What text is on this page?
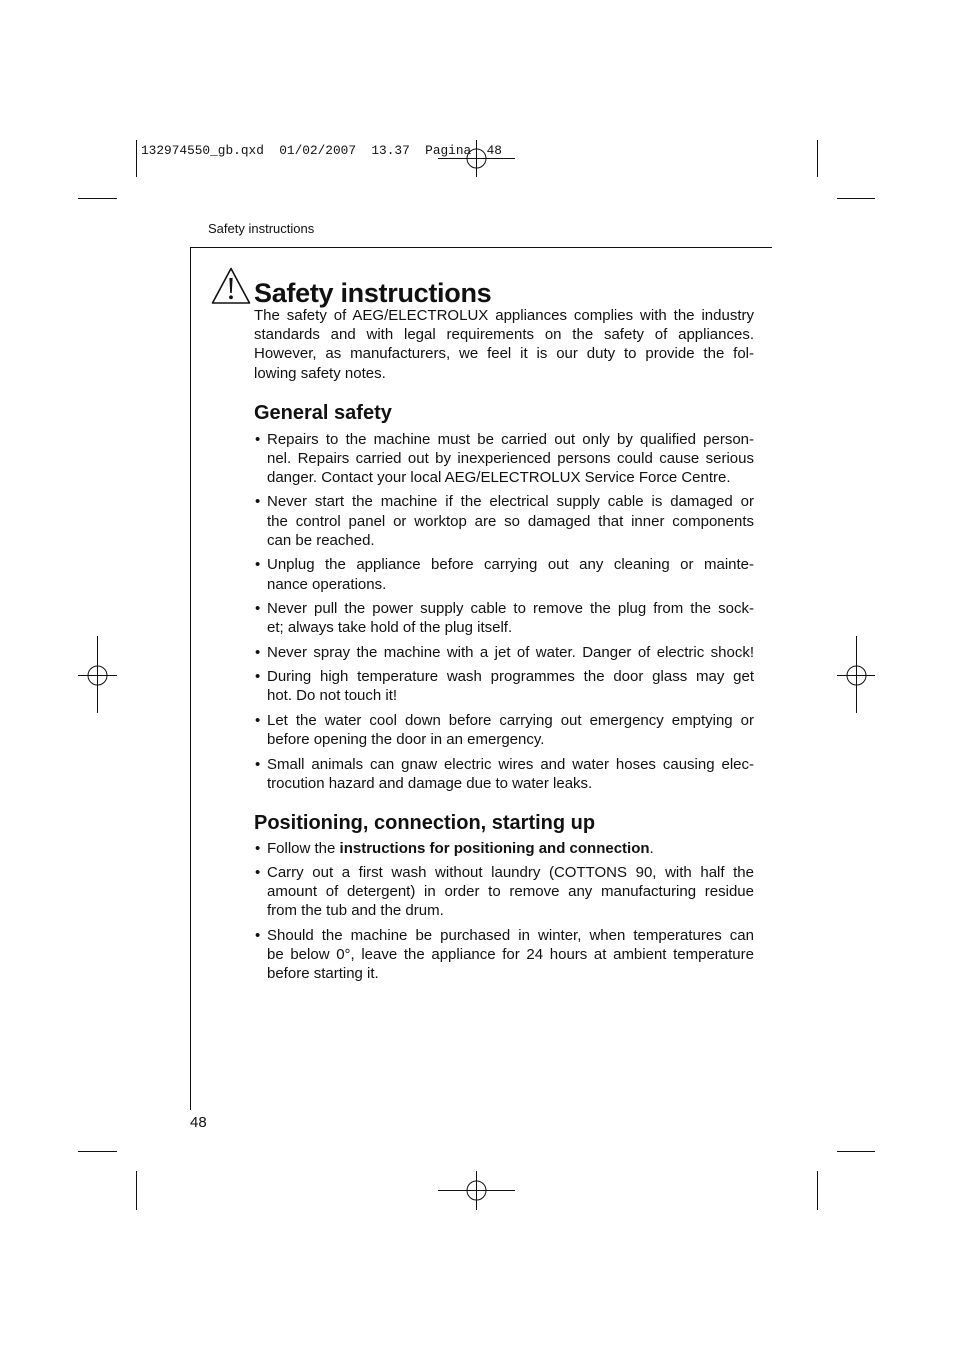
132974550_gb.qxd  01/02/2007  13.37  Pagina  48
Safety instructions
Safety instructions
The safety of AEG/ELECTROLUX appliances complies with the industry
standards and with legal requirements on the safety of appliances.
However, as manufacturers, we feel it is our duty to provide the fol-
lowing safety notes.
General safety
• Repairs to the machine must be carried out only by qualified person-
nel. Repairs carried out by inexperienced persons could cause serious
danger. Contact your local AEG/ELECTROLUX Service Force Centre.
• Never start the machine if the electrical supply cable is damaged or
the control panel or worktop are so damaged that inner components
can be reached.
• Unplug the appliance before carrying out any cleaning or mainte-
nance operations.
• Never pull the power supply cable to remove the plug from the sock-
et; always take hold of the plug itself.
• Never spray the machine with a jet of water. Danger of electric shock!
• During high temperature wash programmes the door glass may get
hot. Do not touch it!
• Let the water cool down before carrying out emergency emptying or
before opening the door in an emergency.
• Small animals can gnaw electric wires and water hoses causing elec-
trocution hazard and damage due to water leaks.
Positioning, connection, starting up
• Follow the instructions for positioning and connection.
• Carry out a first wash without laundry (COTTONS 90, with half the
amount of detergent) in order to remove any manufacturing residue
from the tub and the drum.
• Should the machine be purchased in winter, when temperatures can
be below 0°, leave the appliance for 24 hours at ambient temperature
before starting it.
48
